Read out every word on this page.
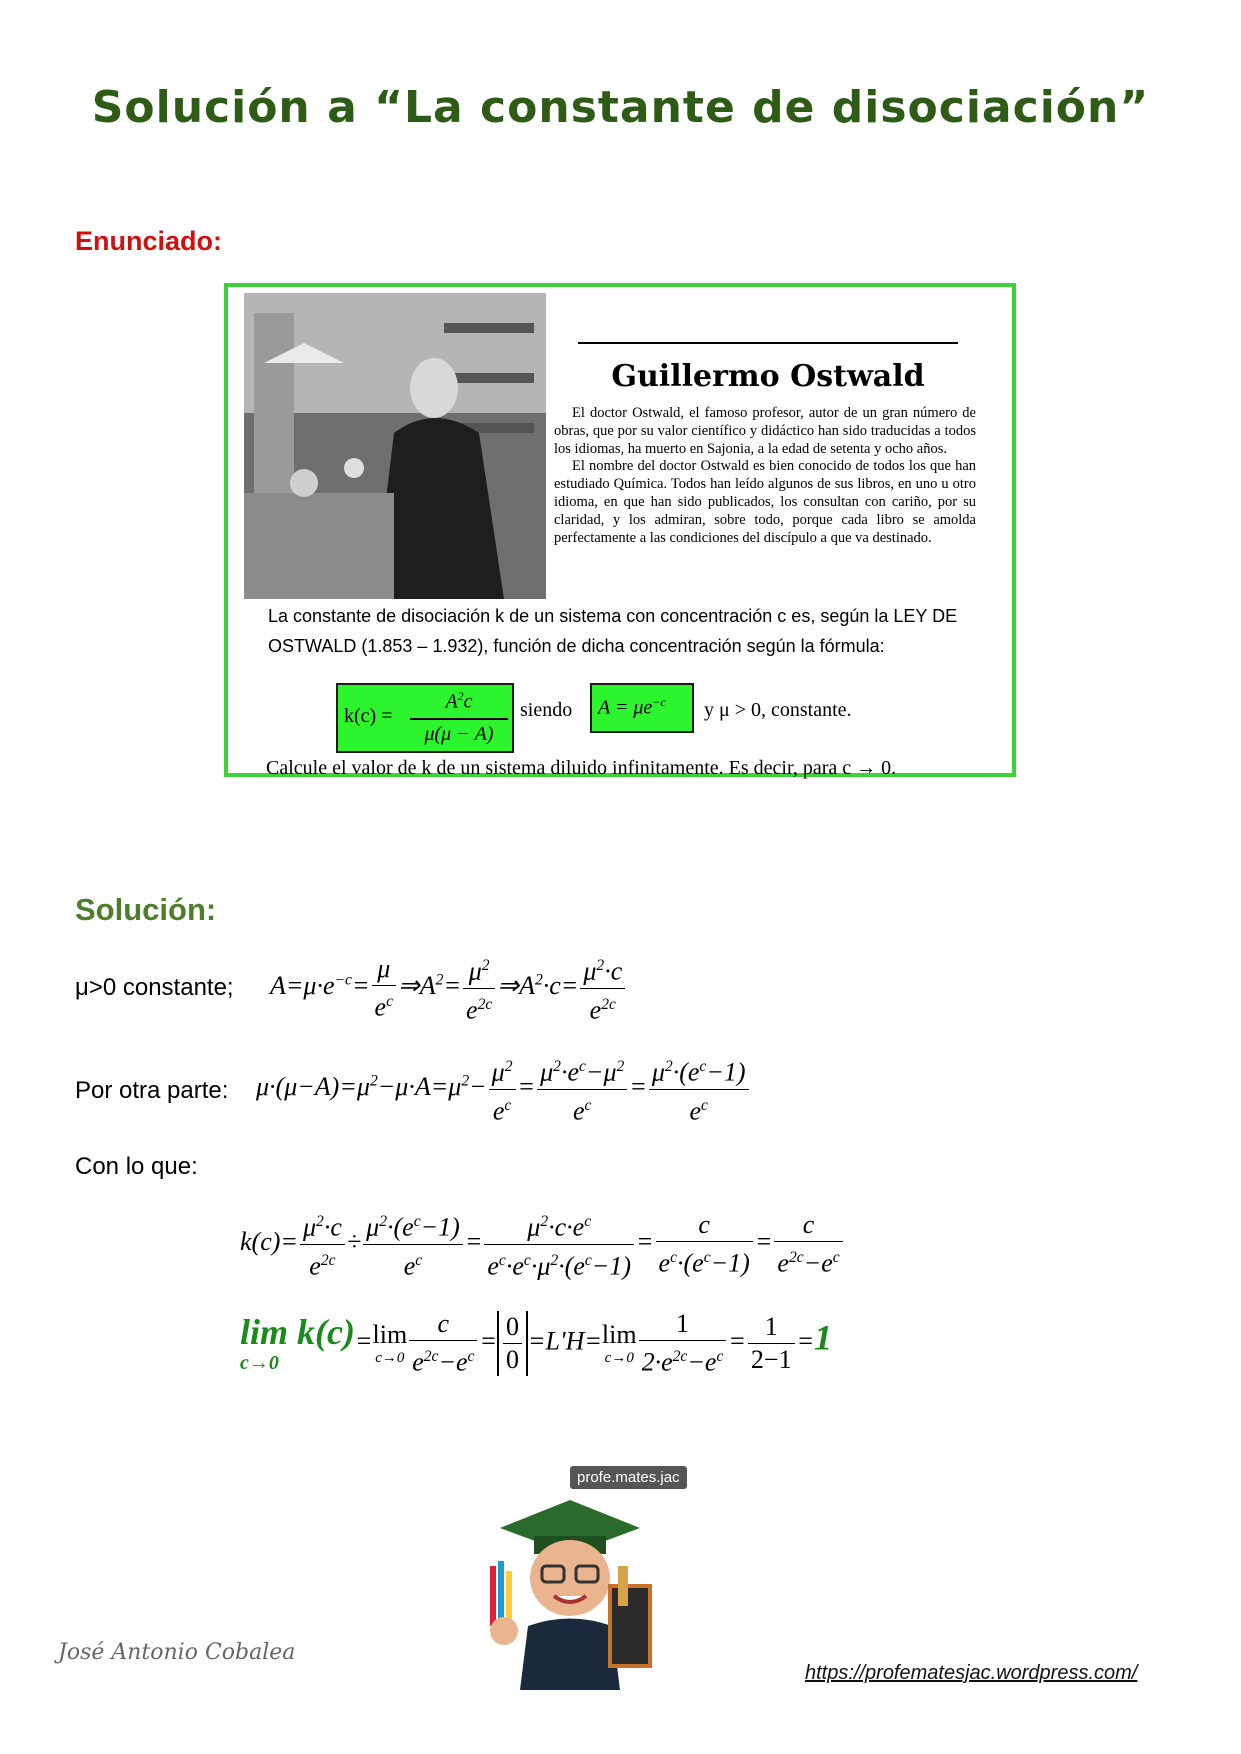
Solución a “La constante de disociación”
Enunciado:
Guillermo Ostwald

El doctor Ostwald, el famoso profesor, autor de un gran número de obras, que por su valor científico y didáctico han sido traducidas a todos los idiomas, ha muerto en Sajonia, a la edad de setenta y ocho años.

El nombre del doctor Ostwald es bien conocido de todos los que han estudiado Química. Todos han leído algunos de sus libros, en uno u otro idioma, en que han sido publicados, los consultan con cariño, por su claridad, y los admiran, sobre todo, porque cada libro se amolda perfectamente a las condiciones del discípulo a que va destinado.

La constante de disociación k de un sistema con concentración c es, según la LEY DE OSTWALD (1.853 – 1.932), función de dicha concentración según la fórmula:
k(c) =
$A^2c$
μ(μ − A)
siendo $A = \mu e^{-c}$ y μ > 0, constante.
Calcule el valor de k de un sistema diluido infinitamente. Es decir, para c → 0.
Solución:
μ>0 constante; $A=\mu\cdot e^{-c}= \frac{\mu}{e^c}$ $\Rightarrow A^2= \frac{\mu^2}{e^{2c}}$ $\Rightarrow A^2\cdot c= \frac{\mu^2\cdot c}{e^{2c}}$
Por otra parte: $\mu\cdot(\mu-A)=\mu^2-\mu\cdot A=\mu^2- \frac{\mu^2}{e^c} = \frac{\mu^2\cdot e^c-\mu^2}{e^c} = \frac{\mu^2\cdot(e^c-1)}{e^c}$
Con lo que:
$k(c)= \frac{\mu^2\cdot c}{e^{2c}} \div \frac{\mu^2\cdot(e^c-1)}{e^c} = \frac{\mu^2\cdot c\cdot e^c}{e^c\cdot e^c\cdot\mu^2\cdot(e^c-1)} = \frac{c}{e^c\cdot(e^c-1)} = \frac{c}{e^{2c}-e^c}$
lim k(c)
c→0
= lim
$c\to 0 \frac{c}{e^{2c}-e^c} = \frac{0}{0} =L'H= \lim$
$c\to 0 \frac{1}{2\cdot e^{2c}-e^c} = \frac{1}{2-1} =1$
profe.mates.jac
José Antonio Cobalea
https://profematesjac.wordpress.com/
